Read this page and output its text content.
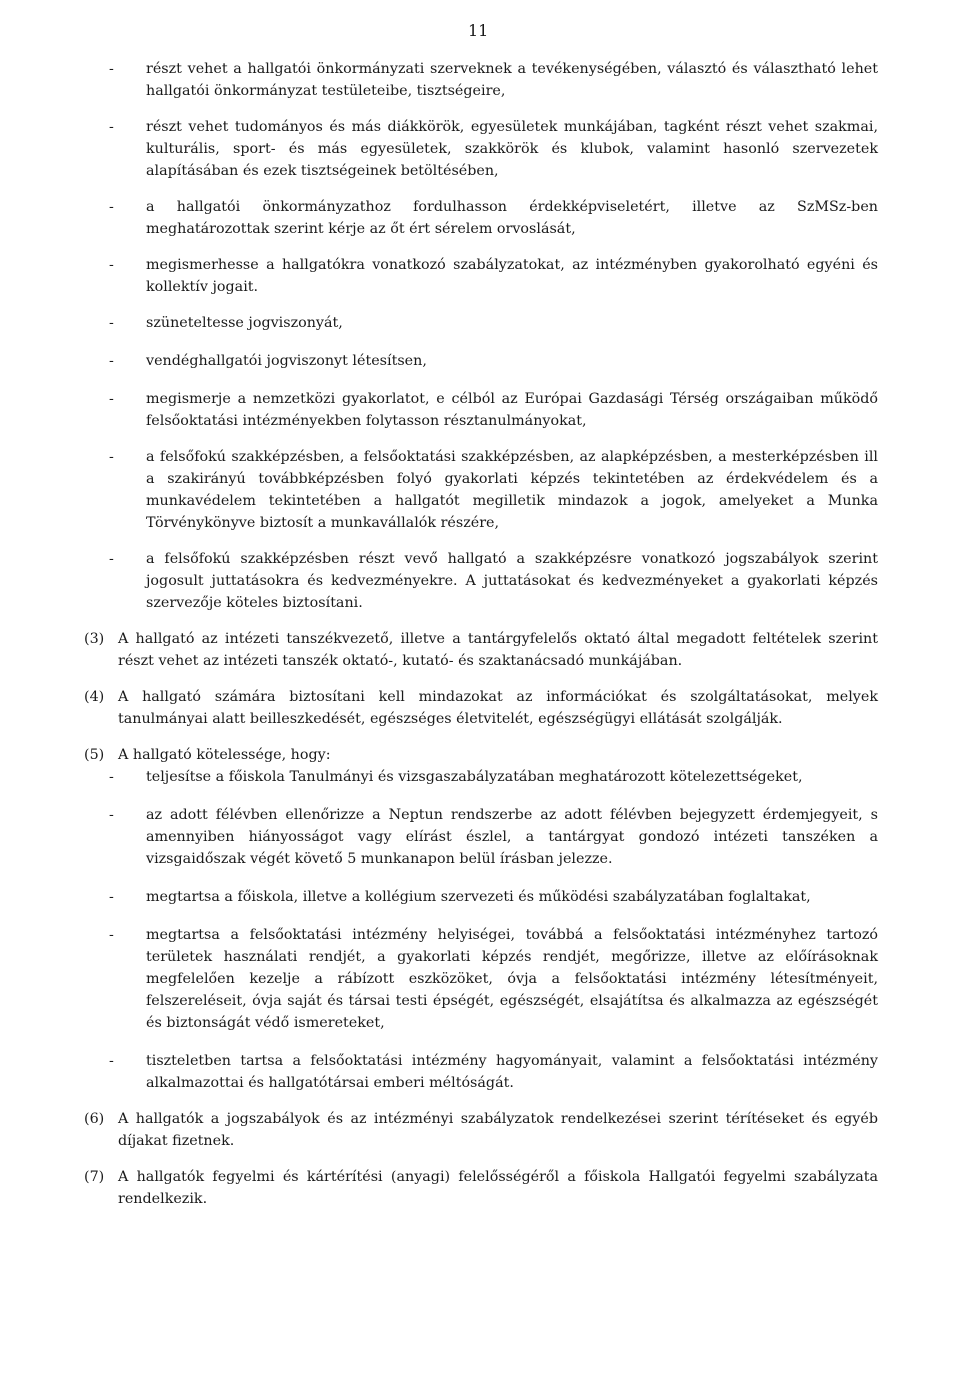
11
- részt vehet a hallgatói önkormányzati szerveknek a tevékenységében, választó és választható lehet hallgatói önkormányzat testületeibe, tisztségeire,

- részt vehet tudományos és más diákkörök, egyesületek munkájában, tagként részt vehet szakmai, kulturális, sport- és más egyesületek, szakkörök és klubok, valamint hasonló szervezetek alapításában és ezek tisztségeinek betöltésében,

- a hallgatói önkormányzathoz fordulhasson érdekképviseletért, illetve az SzMSz-ben meghatározottak szerint kérje az őt ért sérelem orvoslását,

- megismerhesse a hallgatókra vonatkozó szabályzatokat, az intézményben gyakorolható egyéni és kollektív jogait.

- szüneteltesse jogviszonyát,

- vendéghallgatói jogviszonyt létesítsen,

- megismerje a nemzetközi gyakorlatot, e célból az Európai Gazdasági Térség országaiban működő felsőoktatási intézményekben folytasson résztanulmányokat,

- a felsőfokú szakképzésben, a felsőoktatási szakképzésben, az alapképzésben, a mesterképzésben ill a szakirányú továbbképzésben folyó gyakorlati képzés tekintetében az érdekvédelem és a munkavédelem tekintetében a hallgatót megilletik mindazok a jogok, amelyeket a Munka Törvénykönyve biztosít a munkavállalók részére,

- a felsőfokú szakképzésben részt vevő hallgató a szakképzésre vonatkozó jogszabályok szerint jogosult juttatásokra és kedvezményekre. A juttatásokat és kedvezményeket a gyakorlati képzés szervezője köteles biztosítani.

(3) A hallgató az intézeti tanszékvezető, illetve a tantárgyfelelős oktató által megadott feltételek szerint részt vehet az intézeti tanszék oktató-, kutató- és szaktanácsadó munkájában.

(4) A hallgató számára biztosítani kell mindazokat az információkat és szolgáltatásokat, melyek tanulmányai alatt beilleszkedését, egészséges életvitelét, egészségügyi ellátását szolgálják.

(5) A hallgató kötelessége, hogy:

- teljesítse a főiskola Tanulmányi és vizsgaszabályzatában meghatározott kötelezettségeket,

- az adott félévben ellenőrizze a Neptun rendszerbe az adott félévben bejegyzett érdemjegyeit, s amennyiben hiányosságot vagy elírást észlel, a tantárgyat gondozó intézeti tanszéken a vizsgaidőszak végét követő 5 munkanapon belül írásban jelezze.

- megtartsa a főiskola, illetve a kollégium szervezeti és működési szabályzatában foglaltakat,

- megtartsa a felsőoktatási intézmény helyiségei, továbbá a felsőoktatási intézményhez tartozó területek használati rendjét, a gyakorlati képzés rendjét, megőrizze, illetve az előírásoknak megfelelően kezelje a rábízott eszközöket, óvja a felsőoktatási intézmény létesítményeit, felszereléseit, óvja saját és társai testi épségét, egészségét, elsajátítsa és alkalmazza az egészségét és biztonságát védő ismereteket,

- tiszteletben tartsa a felsőoktatási intézmény hagyományait, valamint a felsőoktatási intézmény alkalmazottai és hallgatótársai emberi méltóságát.

(6) A hallgatók a jogszabályok és az intézményi szabályzatok rendelkezései szerint térítéseket és egyéb díjakat fizetnek.

(7) A hallgatók fegyelmi és kártérítési (anyagi) felelősségéről a főiskola Hallgatói fegyelmi szabályzata rendelkezik.
